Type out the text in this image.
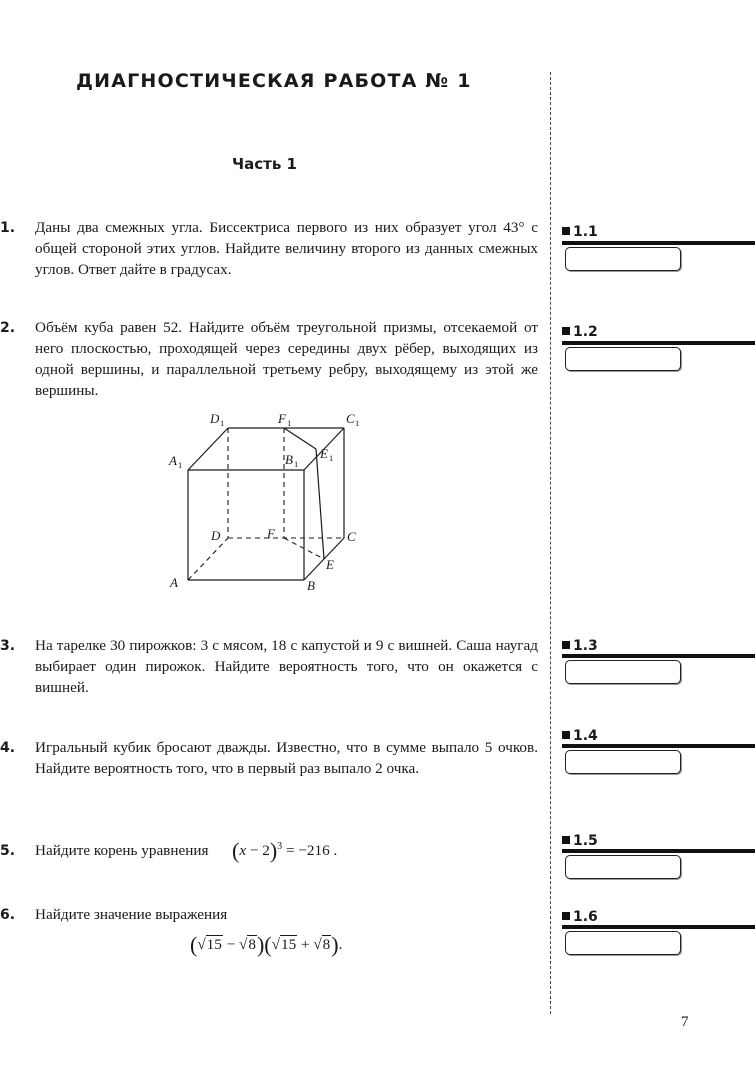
ДИАГНОСТИЧЕСКАЯ РАБОТА № 1
Часть 1
1.	Даны два смежных угла. Биссектриса первого из них образует угол 43° с общей стороной этих углов. Найдите величину второго из данных смежных углов. Ответ дайте в градусах.
1.1
2.	Объём куба равен 52. Найдите объём треугольной призмы, отсекаемой от него плоскостью, проходящей через середины двух рёбер, выходящих из одной вершины, и параллельной третьему ребру, выходящему из этой же вершины.
1.2
D 1	F 1	C 1
A 1	B 1
E 1
D	F	C
E
B
A
3.	На тарелке 30 пирожков: 3 с мясом, 18 с капустой и 9 с вишней. Саша наугад выбирает один пирожок. Найдите вероятность того, что он окажется с вишней.
1.3
4.	Игральный кубик бросают дважды. Известно, что в сумме выпало 5 очков. Найдите вероятность того, что в первый раз выпало 2 очка.
1.4
5.	Найдите корень уравнения	$(x - 2)^3 = -216$ .
1.5
6.	Найдите значение выражения
(√15 − √8)(√15 + √8).
1.6
7
